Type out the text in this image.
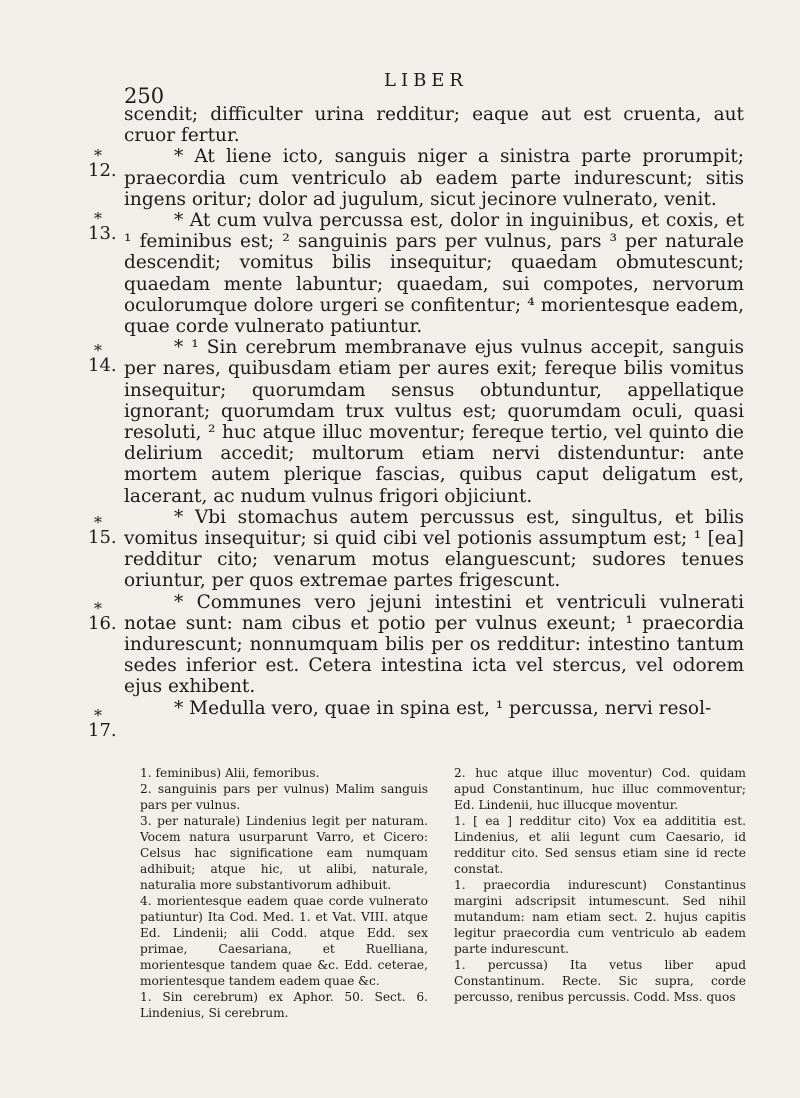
250
LIBER
*
12.
*
13.
*
14.
*
15.
*
16.
*
17.

scendit; difficulter urina redditur; eaque aut est cruenta, aut cruor fertur.

* At liene icto, sanguis niger a sinistra parte prorumpit; praecordia cum ventriculo ab eadem parte indurescunt; sitis ingens oritur; dolor ad jugulum, sicut jecinore vulnerato, venit.

* At cum vulva percussa est, dolor in inguinibus, et coxis, et ¹ feminibus est; ² sanguinis pars per vulnus, pars ³ per naturale descendit; vomitus bilis insequitur; quaedam obmutescunt; quaedam mente labuntur; quaedam, sui compotes, nervorum oculorumque dolore urgeri se confitentur; ⁴ morientesque eadem, quae corde vulnerato patiuntur.

* ¹ Sin cerebrum membranave ejus vulnus accepit, sanguis per nares, quibusdam etiam per aures exit; fereque bilis vomitus insequitur; quorumdam sensus obtunduntur, appellatique ignorant; quorumdam trux vultus est; quorumdam oculi, quasi resoluti, ² huc atque illuc moventur; fereque tertio, vel quinto die delirium accedit; multorum etiam nervi distenduntur: ante mortem autem plerique fascias, quibus caput deligatum est, lacerant, ac nudum vulnus frigori objiciunt.

* Vbi stomachus autem percussus est, singultus, et bilis vomitus insequitur; si quid cibi vel potionis assumptum est; ¹ [ea] redditur cito; venarum motus elanguescunt; sudores tenues oriuntur, per quos extremae partes frigescunt.

* Communes vero jejuni intestini et ventriculi vulnerati notae sunt: nam cibus et potio per vulnus exeunt; ¹ praecordia indurescunt; nonnumquam bilis per os redditur: intestino tantum sedes inferior est. Cetera intestina icta vel stercus, vel odorem ejus exhibent.

* Medulla vero, quae in spina est, ¹ percussa, nervi resol-

1. feminibus) Alii, femoribus.

2. sanguinis pars per vulnus) Malim sanguis pars per vulnus.

3. per naturale) Lindenius legit per naturam. Vocem natura usurparunt Varro, et Cicero: Celsus hac significatione eam numquam adhibuit; atque hic, ut alibi, naturale, naturalia more substantivorum adhibuit.

4. morientesque eadem quae corde vulnerato patiuntur) Ita Cod. Med. 1. et Vat. VIII. atque Ed. Lindenii; alii Codd. atque Edd. sex primae, Caesariana, et Ruelliana, morientesque tandem quae &c. Edd. ceterae, morientesque tandem eadem quae &c.

1. Sin cerebrum) ex Aphor. 50. Sect. 6. Lindenius, Si cerebrum.

2. huc atque illuc moventur) Cod. quidam apud Constantinum, huc illuc commoventur; Ed. Lindenii, huc illucque moventur.

1. [ ea ] redditur cito) Vox ea addititia est. Lindenius, et alii legunt cum Caesario, id redditur cito. Sed sensus etiam sine id recte constat.

1. praecordia indurescunt) Constantinus margini adscripsit intumescunt. Sed nihil mutandum: nam etiam sect. 2. hujus capitis legitur praecordia cum ventriculo ab eadem parte indurescunt.

1. percussa) Ita vetus liber apud Constantinum. Recte. Sic supra, corde percusso, renibus percussis. Codd. Mss. quos
